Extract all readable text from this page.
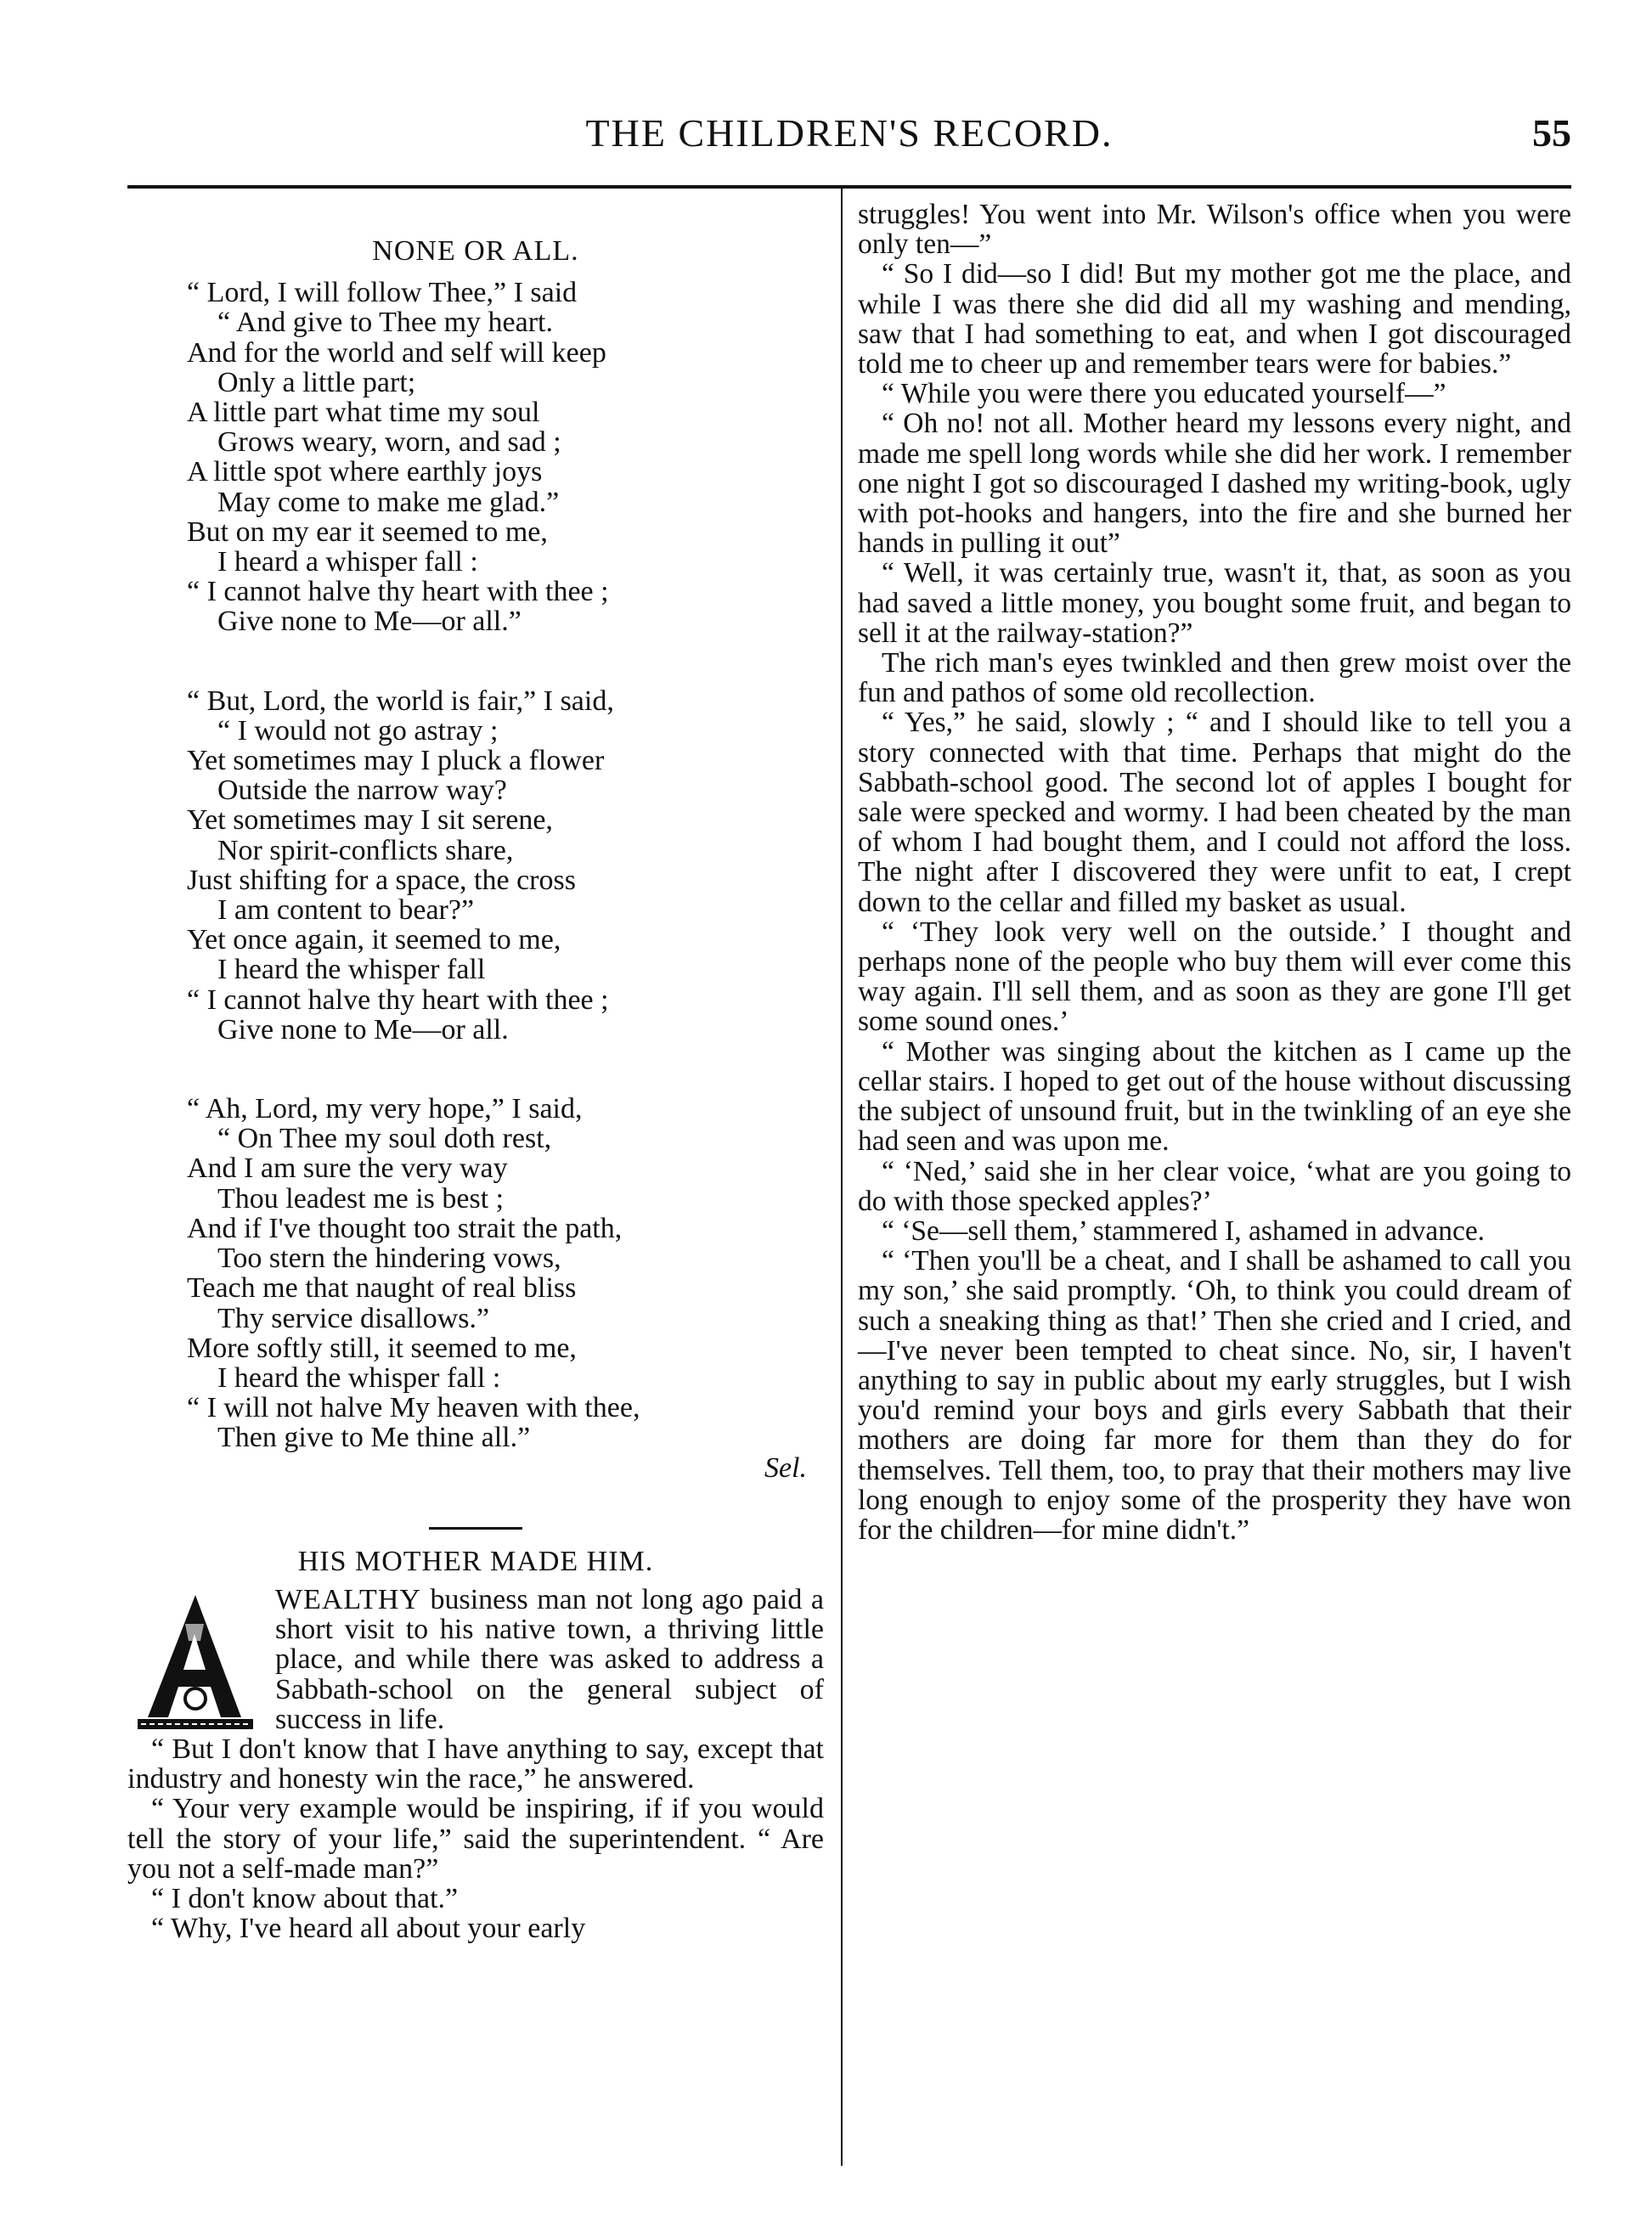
THE CHILDREN'S RECORD.	55
NONE OR ALL.
“ Lord, I will follow Thee,” I said
“ And give to Thee my heart.
And for the world and self will keep
Only a little part;
A little part what time my soul
Grows weary, worn, and sad ;
A little spot where earthly joys
May come to make me glad.”
But on my ear it seemed to me,
I heard a whisper fall :
“ I cannot halve thy heart with thee ;
Give none to Me—or all.”
“ But, Lord, the world is fair,” I said,
“ I would not go astray ;
Yet sometimes may I pluck a flower
Outside the narrow way?
Yet sometimes may I sit serene,
Nor spirit-conflicts share,
Just shifting for a space, the cross
I am content to bear?”
Yet once again, it seemed to me,
I heard the whisper fall
“ I cannot halve thy heart with thee ;
Give none to Me—or all.
“ Ah, Lord, my very hope,” I said,
“ On Thee my soul doth rest,
And I am sure the very way
Thou leadest me is best ;
And if I've thought too strait the path,
Too stern the hindering vows,
Teach me that naught of real bliss
Thy service disallows.”
More softly still, it seemed to me,
I heard the whisper fall :
“ I will not halve My heaven with thee,
Then give to Me thine all.”
Sel.
HIS MOTHER MADE HIM.

WEALTHY business man not long ago paid a short visit to his native town, a thriving little place, and while there was asked to address a Sabbath-school on the general subject of success in life.

“ But I don't know that I have anything to say, except that industry and honesty win the race,” he answered.

“ Your very example would be inspiring, if if you would tell the story of your life,” said the superintendent. “ Are you not a self-made man?”

“ I don't know about that.”

“ Why, I've heard all about your early

struggles! You went into Mr. Wilson's office when you were only ten—”

“ So I did—so I did! But my mother got me the place, and while I was there she did did all my washing and mending, saw that I had something to eat, and when I got discouraged told me to cheer up and remember tears were for babies.”

“ While you were there you educated yourself—”

“ Oh no! not all. Mother heard my lessons every night, and made me spell long words while she did her work. I remember one night I got so discouraged I dashed my writing-book, ugly with pot-hooks and hangers, into the fire and she burned her hands in pulling it out”

“ Well, it was certainly true, wasn't it, that, as soon as you had saved a little money, you bought some fruit, and began to sell it at the railway-station?”

The rich man's eyes twinkled and then grew moist over the fun and pathos of some old recollection.

“ Yes,” he said, slowly ; “ and I should like to tell you a story connected with that time. Perhaps that might do the Sabbath-school good. The second lot of apples I bought for sale were specked and wormy. I had been cheated by the man of whom I had bought them, and I could not afford the loss. The night after I discovered they were unfit to eat, I crept down to the cellar and filled my basket as usual.

“ ‘They look very well on the outside.’ I thought and perhaps none of the people who buy them will ever come this way again. I'll sell them, and as soon as they are gone I'll get some sound ones.’

“ Mother was singing about the kitchen as I came up the cellar stairs. I hoped to get out of the house without discussing the subject of unsound fruit, but in the twinkling of an eye she had seen and was upon me.

“ ‘Ned,’ said she in her clear voice, ‘what are you going to do with those specked apples?’

“ ‘Se—sell them,’ stammered I, ashamed in advance.

“ ‘Then you'll be a cheat, and I shall be ashamed to call you my son,’ she said promptly. ‘Oh, to think you could dream of such a sneaking thing as that!’ Then she cried and I cried, and—I've never been tempted to cheat since. No, sir, I haven't anything to say in public about my early struggles, but I wish you'd remind your boys and girls every Sabbath that their mothers are doing far more for them than they do for themselves. Tell them, too, to pray that their mothers may live long enough to enjoy some of the prosperity they have won for the children—for mine didn't.”
